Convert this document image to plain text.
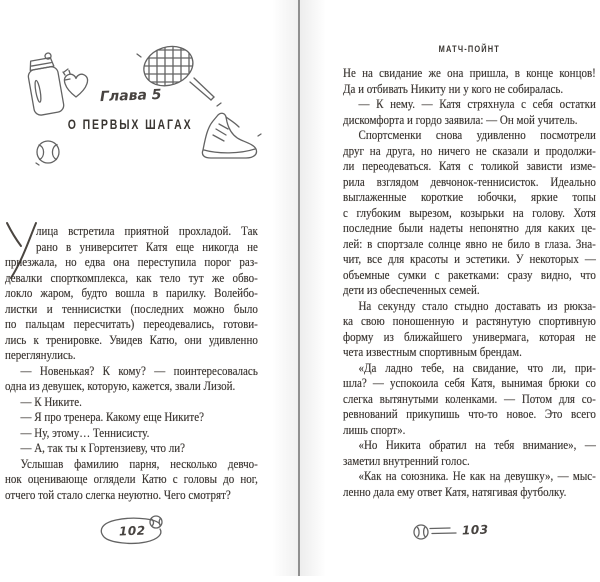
Глава 5
О ПЕРВЫХ ШАГАХ
лица встретила приятной прохладой. Так
рано в университет Катя еще никогда не
приезжала, но едва она переступила порог раз-
девалки спорткомплекса, как тело тут же обво-
локло жаром, будто вошла в парилку. Волейбо-
листки и теннисистки (последних можно было
по пальцам пересчитать) переодевались, готови-
лись к тренировке. Увидев Катю, они удивленно
переглянулись.
— Новенькая? К кому? — поинтересовалась
одна из девушек, которую, кажется, звали Лизой.
— К Никите.
— Я про тренера. Какому еще Никите?
— Ну, этому… Теннисисту.
— А, так ты к Гортензиеву, что ли?
Услышав фамилию парня, несколько девчо-
нок оценивающе оглядели Катю с головы до ног,
отчего той стало слегка неуютно. Чего смотрят?
102
МАТЧ-ПОЙНТ
Не на свидание же она пришла, в конце концов!
Да и отбивать Никиту ни у кого не собиралась.
— К нему. — Катя стряхнула с себя остатки
дискомфорта и гордо заявила: — Он мой учитель.
Спортсменки снова удивленно посмотрели
друг на друга, но ничего не сказали и продолжи-
ли переодеваться. Катя с толикой зависти изме-
рила взглядом девчонок-теннисисток. Идеально
выглаженные короткие юбочки, яркие топы
с глубоким вырезом, козырьки на голову. Хотя
последние были надеты непонятно для каких це-
лей: в спортзале солнце явно не било в глаза. Зна-
чит, все для красоты и эстетики. У некоторых —
объемные сумки с ракетками: сразу видно, что
дети из обеспеченных семей.
На секунду стало стыдно доставать из рюкза-
ка свою поношенную и растянутую спортивную
форму из ближайшего универмага, которая не
чета известным спортивным брендам.
«Да ладно тебе, на свидание, что ли, при-
шла? — успокоила себя Катя, вынимая брюки со
слегка вытянутыми коленками. — Потом для со-
ревнований прикупишь что-то новое. Это всего
лишь спорт».
«Но Никита обратил на тебя внимание», —
заметил внутренний голос.
«Как на союзника. Не как на девушку», — мыс-
ленно дала ему ответ Катя, натягивая футболку.
103
